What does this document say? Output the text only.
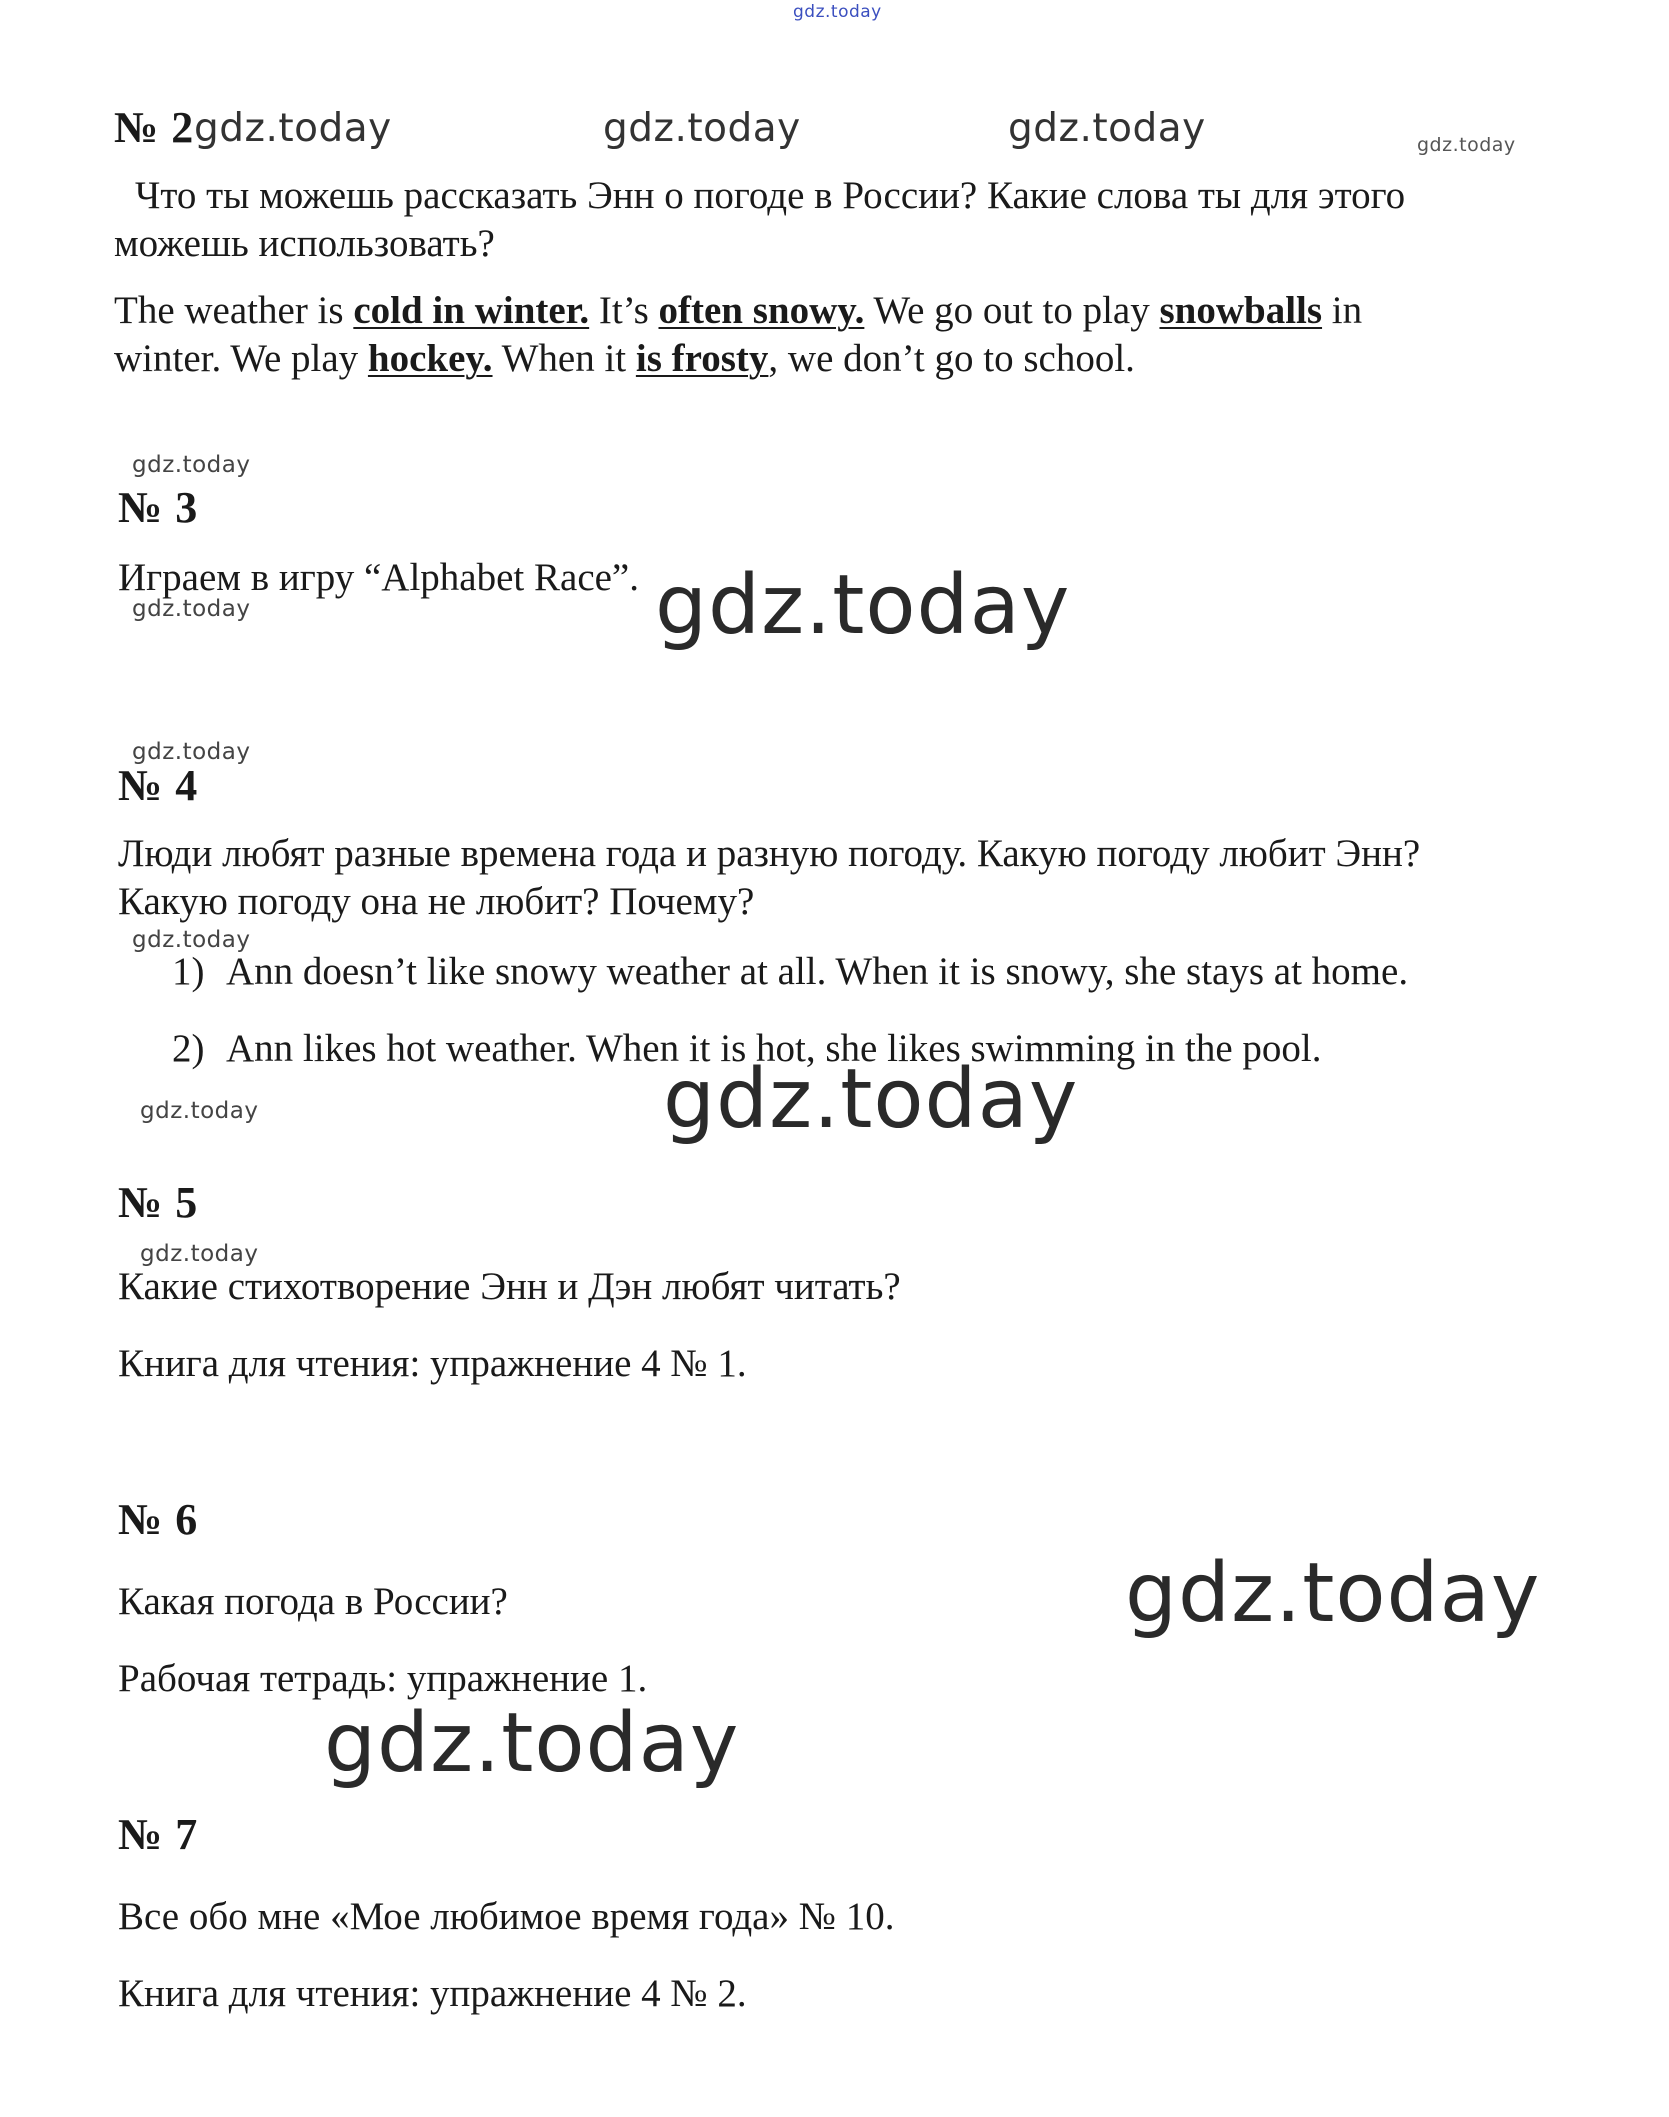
gdz.today
gdz.today	gdz.today	gdz.today	gdz.today
gdz.today
gdz.today	gdz.today
gdz.today
gdz.today
gdz.today
gdz.today
gdz.today
gdz.today
gdz.today
№ 2
Что ты можешь рассказать Энн о погоде в России? Какие слова ты для этого
можешь использовать?
The weather is cold in winter. It’s often snowy. We go out to play snowballs in
winter. We play hockey. When it is frosty, we don’t go to school.
№ 3
Играем в игру “Alphabet Race”.
№ 4
Люди любят разные времена года и разную погоду. Какую погоду любит Энн?
Какую погоду она не любит? Почему?
1) Ann doesn’t like snowy weather at all. When it is snowy, she stays at home.
2) Ann likes hot weather. When it is hot, she likes swimming in the pool.
№ 5
Какие стихотворение Энн и Дэн любят читать?
Книга для чтения: упражнение 4 № 1.
№ 6
Какая погода в России?
Рабочая тетрадь: упражнение 1.
№ 7
Все обо мне «Мое любимое время года» № 10.
Книга для чтения: упражнение 4 № 2.
